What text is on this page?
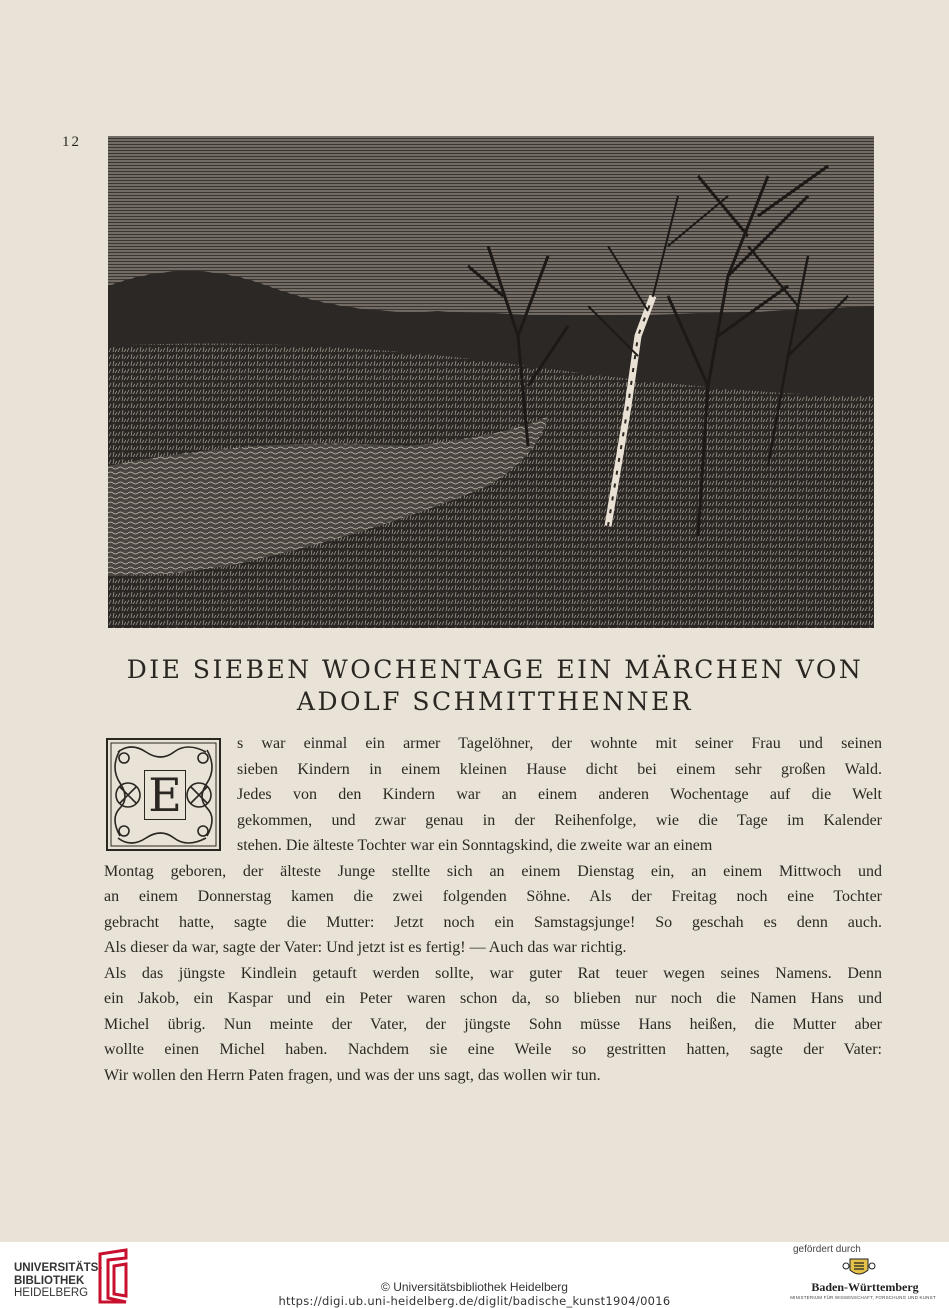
12
DIE SIEBEN WOCHENTAGE EIN MÄRCHEN VON
ADOLF SCHMITTHENNER
E
s war einmal ein armer Tagelöhner, der wohnte mit seiner Frau und seinen
sieben Kindern in einem kleinen Hause dicht bei einem sehr großen Wald.
Jedes von den Kindern war an einem anderen Wochentage auf die Welt
gekommen, und zwar genau in der Reihenfolge, wie die Tage im Kalender
stehen. Die älteste Tochter war ein Sonntagskind, die zweite war an einem

Montag geboren, der älteste Junge stellte sich an einem Dienstag ein, an einem Mittwoch und
an einem Donnerstag kamen die zwei folgenden Söhne. Als der Freitag noch eine Tochter
gebracht hatte, sagte die Mutter: Jetzt noch ein Samstagsjunge! So geschah es denn auch.
Als dieser da war, sagte der Vater: Und jetzt ist es fertig! — Auch das war richtig.

Als das jüngste Kindlein getauft werden sollte, war guter Rat teuer wegen seines Namens. Denn
ein Jakob, ein Kaspar und ein Peter waren schon da, so blieben nur noch die Namen Hans und
Michel übrig. Nun meinte der Vater, der jüngste Sohn müsse Hans heißen, die Mutter aber
wollte einen Michel haben. Nachdem sie eine Weile so gestritten hatten, sagte der Vater:
Wir wollen den Herrn Paten fragen, und was der uns sagt, das wollen wir tun.

UNIVERSITÄTS-
BIBLIOTHEK
HEIDELBERG	© Universitätsbibliothek Heidelberg
https://digi.ub.uni-heidelberg.de/diglit/badische_kunst1904/0016
gefördert durch
Baden-Württemberg
MINISTERIUM FÜR WISSENSCHAFT, FORSCHUNG UND KUNST
